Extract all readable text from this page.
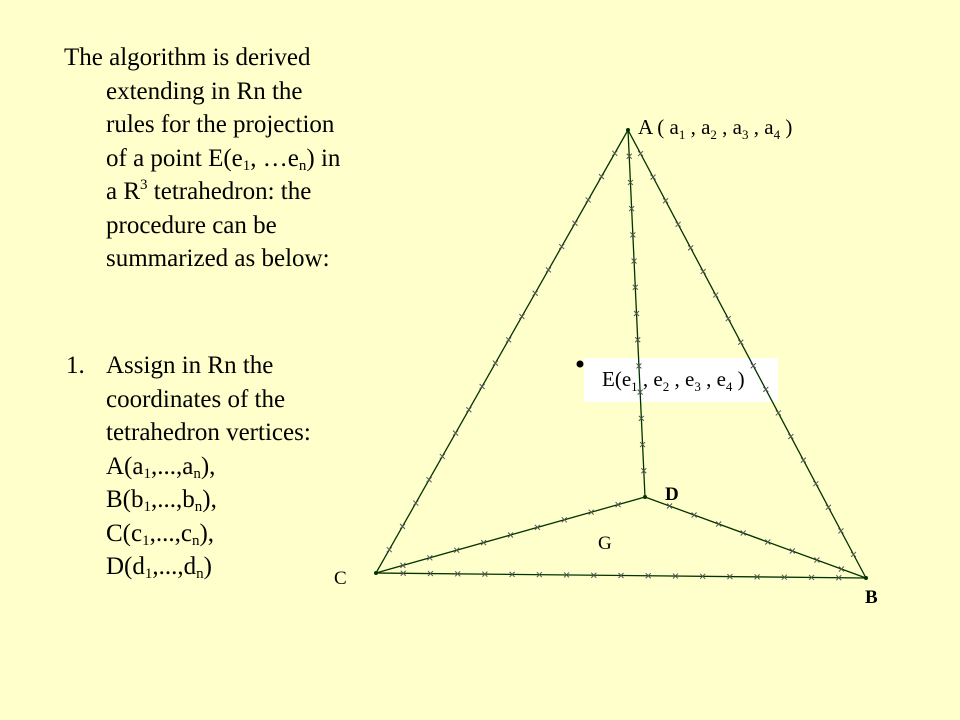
The algorithm is derived
extending in Rn the
rules for the projection
of a point $E(e_1$, $\dots e_n$) in
a $R^3$ tetrahedron: the
procedure can be
summarized as below:
1. Assign in Rn the
coordinates of the
tetrahedron vertices:
$A(a_1,...,a_n)$,
$B(b_1,...,b_n)$,
$C(c_1,...,c_n)$,
$D(d_1,...,d_n)$
A ( $a_1$ , $a_2$ , $a_3$ , $a_4$ )
$E(e_1$ , $e_2$ , $e_3$ , $e_4$ )
D
G
C
B
